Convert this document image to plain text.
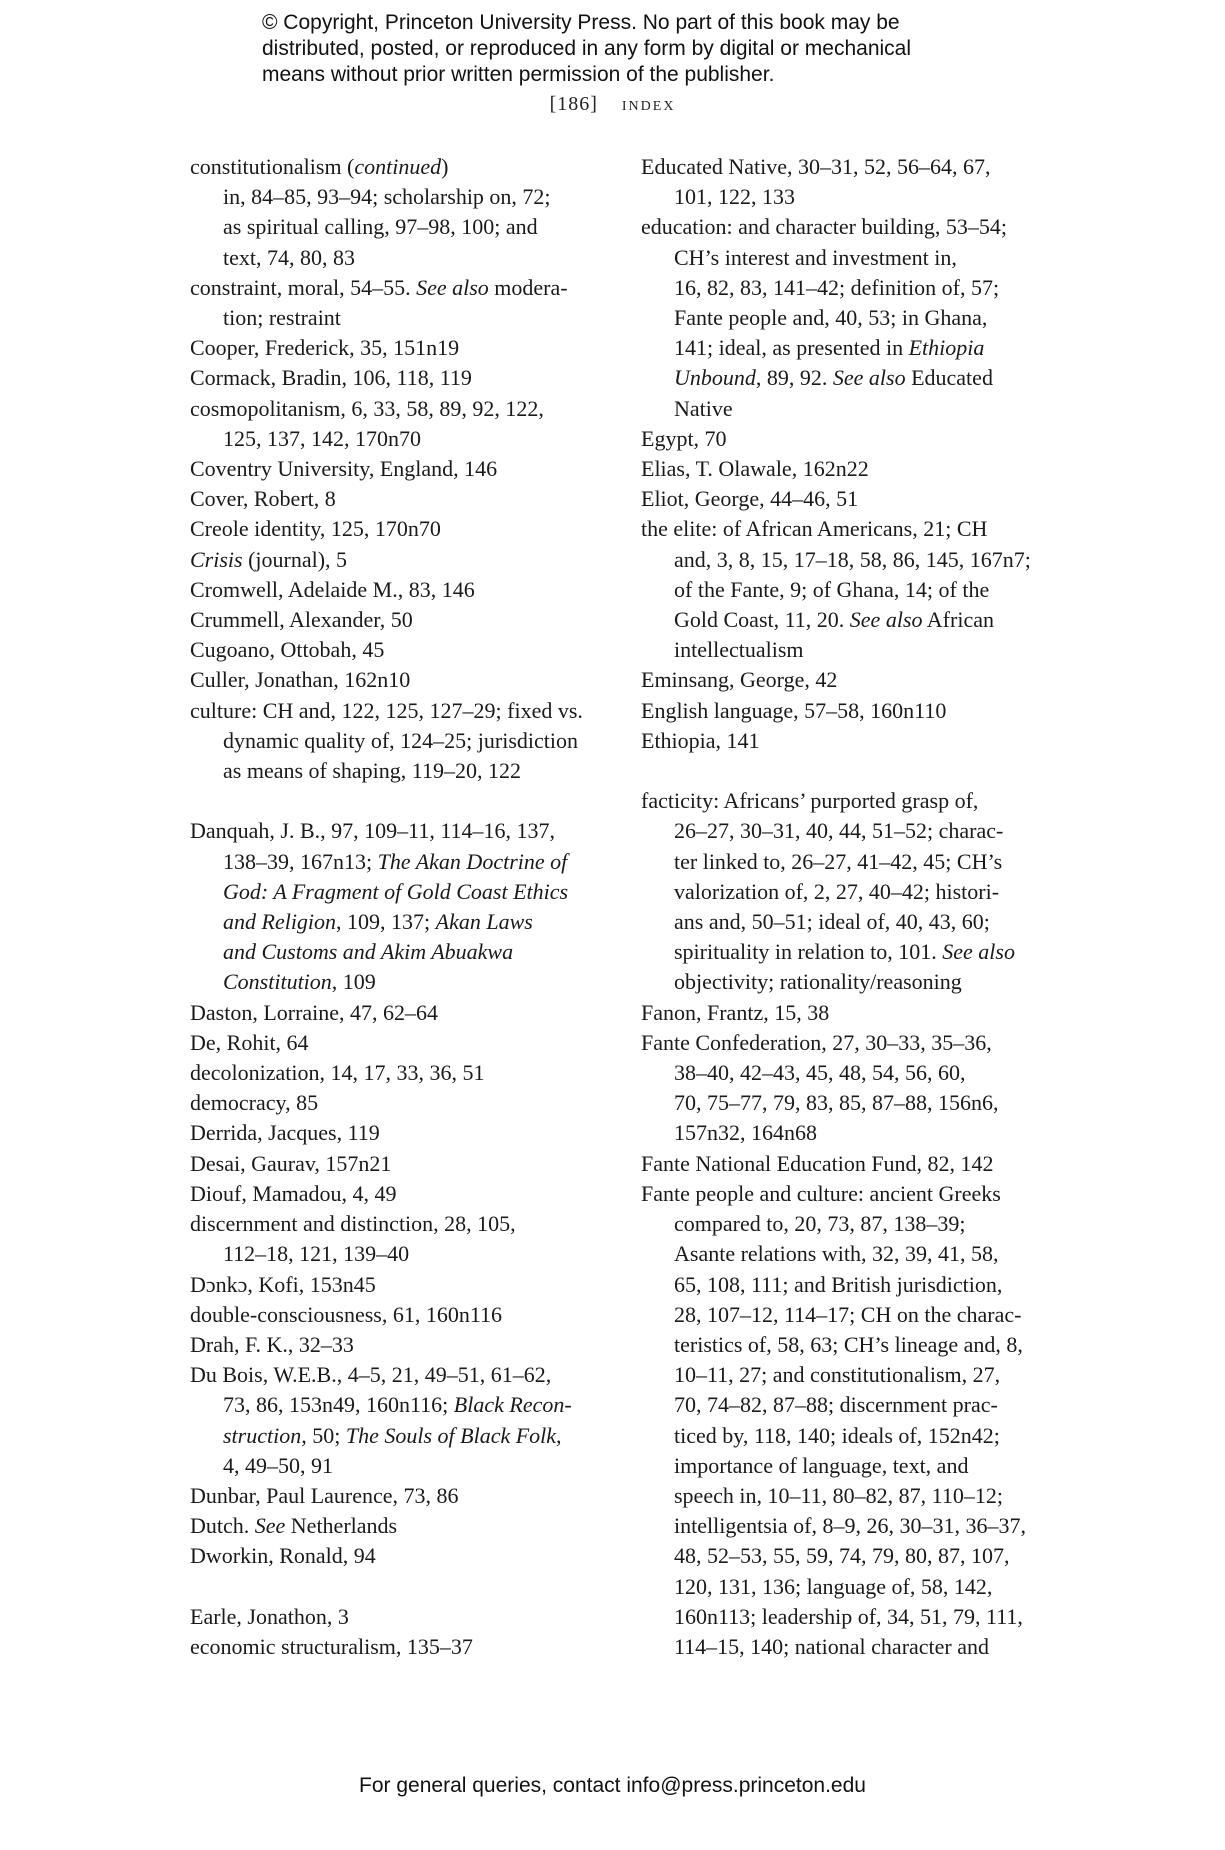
© Copyright, Princeton University Press. No part of this book may be
distributed, posted, or reproduced in any form by digital or mechanical
means without prior written permission of the publisher.
[186] index
constitutionalism (continued)
in, 84–85, 93–94; scholarship on, 72;
as spiritual calling, 97–98, 100; and
text, 74, 80, 83
constraint, moral, 54–55. See also modera-
tion; restraint
Cooper, Frederick, 35, 151n19
Cormack, Bradin, 106, 118, 119
cosmopolitanism, 6, 33, 58, 89, 92, 122,
125, 137, 142, 170n70
Coventry University, England, 146
Cover, Robert, 8
Creole identity, 125, 170n70
Crisis (journal), 5
Cromwell, Adelaide M., 83, 146
Crummell, Alexander, 50
Cugoano, Ottobah, 45
Culler, Jonathan, 162n10
culture: CH and, 122, 125, 127–29; fixed vs.
dynamic quality of, 124–25; jurisdiction
as means of shaping, 119–20, 122
Danquah, J. B., 97, 109–11, 114–16, 137,
138–39, 167n13; The Akan Doctrine of
God: A Fragment of Gold Coast Ethics
and Religion, 109, 137; Akan Laws
and Customs and Akim Abuakwa
Constitution, 109
Daston, Lorraine, 47, 62–64
De, Rohit, 64
decolonization, 14, 17, 33, 36, 51
democracy, 85
Derrida, Jacques, 119
Desai, Gaurav, 157n21
Diouf, Mamadou, 4, 49
discernment and distinction, 28, 105,
112–18, 121, 139–40
Dɔnkɔ, Kofi, 153n45
double-consciousness, 61, 160n116
Drah, F. K., 32–33
Du Bois, W.E.B., 4–5, 21, 49–51, 61–62,
73, 86, 153n49, 160n116; Black Recon-
struction, 50; The Souls of Black Folk,
4, 49–50, 91
Dunbar, Paul Laurence, 73, 86
Dutch. See Netherlands
Dworkin, Ronald, 94
Earle, Jonathon, 3
economic structuralism, 135–37
Educated Native, 30–31, 52, 56–64, 67,
101, 122, 133
education: and character building, 53–54;
CH’s interest and investment in,
16, 82, 83, 141–42; definition of, 57;
Fante people and, 40, 53; in Ghana,
141; ideal, as presented in Ethiopia
Unbound, 89, 92. See also Educated
Native
Egypt, 70
Elias, T. Olawale, 162n22
Eliot, George, 44–46, 51
the elite: of African Americans, 21; CH
and, 3, 8, 15, 17–18, 58, 86, 145, 167n7;
of the Fante, 9; of Ghana, 14; of the
Gold Coast, 11, 20. See also African
intellectualism
Eminsang, George, 42
English language, 57–58, 160n110
Ethiopia, 141
facticity: Africans’ purported grasp of,
26–27, 30–31, 40, 44, 51–52; charac-
ter linked to, 26–27, 41–42, 45; CH’s
valorization of, 2, 27, 40–42; histori-
ans and, 50–51; ideal of, 40, 43, 60;
spirituality in relation to, 101. See also
objectivity; rationality/reasoning
Fanon, Frantz, 15, 38
Fante Confederation, 27, 30–33, 35–36,
38–40, 42–43, 45, 48, 54, 56, 60,
70, 75–77, 79, 83, 85, 87–88, 156n6,
157n32, 164n68
Fante National Education Fund, 82, 142
Fante people and culture: ancient Greeks
compared to, 20, 73, 87, 138–39;
Asante relations with, 32, 39, 41, 58,
65, 108, 111; and British jurisdiction,
28, 107–12, 114–17; CH on the charac-
teristics of, 58, 63; CH’s lineage and, 8,
10–11, 27; and constitutionalism, 27,
70, 74–82, 87–88; discernment prac-
ticed by, 118, 140; ideals of, 152n42;
importance of language, text, and
speech in, 10–11, 80–82, 87, 110–12;
intelligentsia of, 8–9, 26, 30–31, 36–37,
48, 52–53, 55, 59, 74, 79, 80, 87, 107,
120, 131, 136; language of, 58, 142,
160n113; leadership of, 34, 51, 79, 111,
114–15, 140; national character and
For general queries, contact info@press.princeton.edu
